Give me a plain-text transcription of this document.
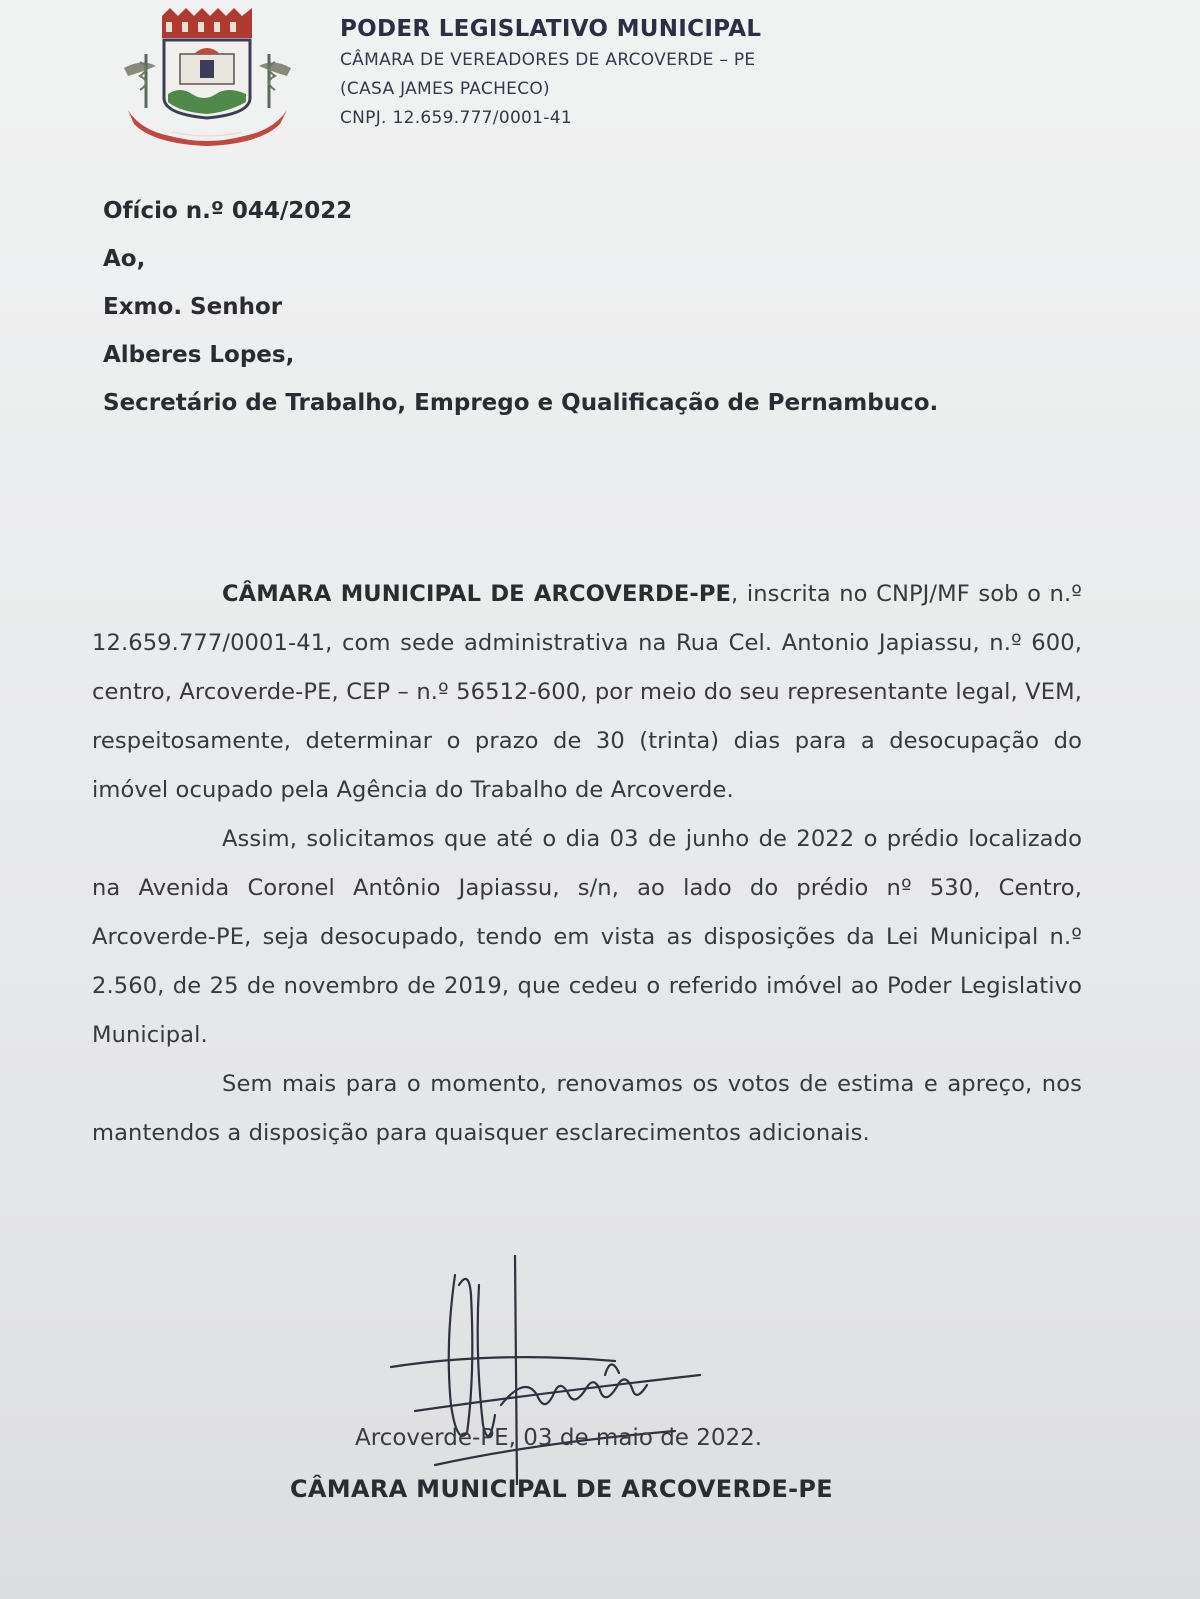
PODER LEGISLATIVO MUNICIPAL
CÂMARA DE VEREADORES DE ARCOVERDE – PE
(CASA JAMES PACHECO)
CNPJ. 12.659.777/0001-41
Ofício n.º 044/2022
Ao,
Exmo. Senhor
Alberes Lopes,
Secretário de Trabalho, Emprego e Qualificação de Pernambuco.

CÂMARA MUNICIPAL DE ARCOVERDE-PE, inscrita no CNPJ/MF sob o n.º 12.659.777/0001-41, com sede administrativa na Rua Cel. Antonio Japiassu, n.º 600, centro, Arcoverde-PE, CEP – n.º 56512-600, por meio do seu representante legal, VEM, respeitosamente, determinar o prazo de 30 (trinta) dias para a desocupação do imóvel ocupado pela Agência do Trabalho de Arcoverde.

Assim, solicitamos que até o dia 03 de junho de 2022 o prédio localizado na Avenida Coronel Antônio Japiassu, s/n, ao lado do prédio nº 530, Centro, Arcoverde-PE, seja desocupado, tendo em vista as disposições da Lei Municipal n.º 2.560, de 25 de novembro de 2019, que cedeu o referido imóvel ao Poder Legislativo Municipal.

Sem mais para o momento, renovamos os votos de estima e apreço, nos mantendos a disposição para quaisquer esclarecimentos adicionais.

Arcoverde-PE, 03 de maio de 2022.
CÂMARA MUNICIPAL DE ARCOVERDE-PE
